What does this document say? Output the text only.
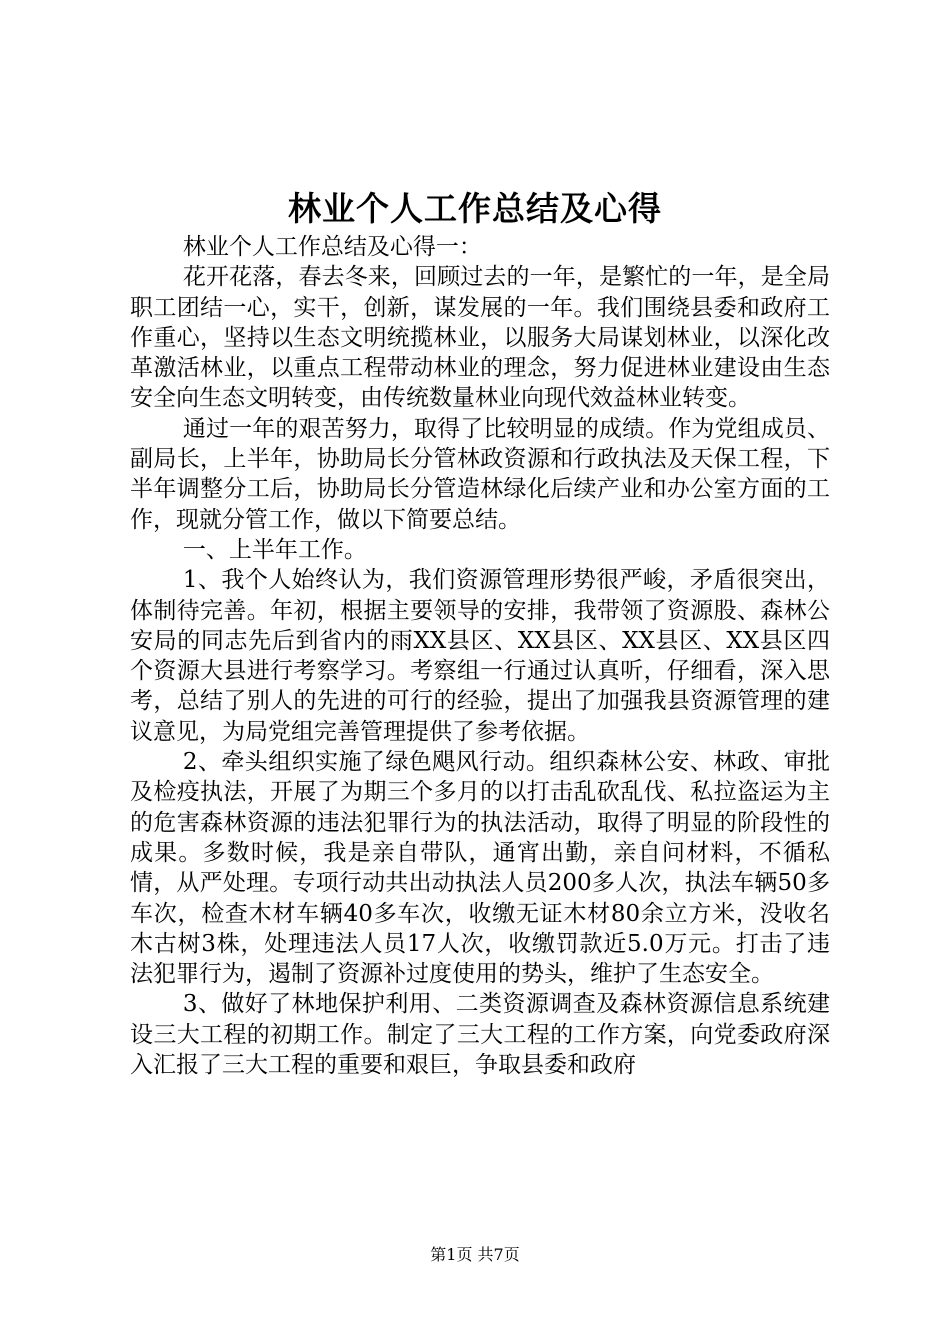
林业个人工作总结及心得

林业个人工作总结及心得一：

花开花落，春去冬来，回顾过去的一年，是繁忙的一年，是全局职工团结一心，实干，创新，谋发展的一年。我们围绕县委和政府工作重心，坚持以生态文明统揽林业，以服务大局谋划林业，以深化改革激活林业，以重点工程带动林业的理念，努力促进林业建设由生态安全向生态文明转变，由传统数量林业向现代效益林业转变。

通过一年的艰苦努力，取得了比较明显的成绩。作为党组成员、副局长，上半年，协助局长分管林政资源和行政执法及天保工程，下半年调整分工后，协助局长分管造林绿化后续产业和办公室方面的工作，现就分管工作，做以下简要总结。

一、上半年工作。

1、我个人始终认为，我们资源管理形势很严峻，矛盾很突出，体制待完善。年初，根据主要领导的安排，我带领了资源股、森林公安局的同志先后到省内的雨XX县区、XX县区、XX县区、XX县区四个资源大县进行考察学习。考察组一行通过认真听，仔细看，深入思考，总结了别人的先进的可行的经验，提出了加强我县资源管理的建议意见，为局党组完善管理提供了参考依据。

2、牵头组织实施了绿色飓风行动。组织森林公安、林政、审批及检疫执法，开展了为期三个多月的以打击乱砍乱伐、私拉盗运为主的危害森林资源的违法犯罪行为的执法活动，取得了明显的阶段性的成果。多数时候，我是亲自带队，通宵出勤，亲自问材料，不循私情，从严处理。专项行动共出动执法人员200多人次，执法车辆50多车次，检查木材车辆40多车次，收缴无证木材80余立方米，没收名木古树3株，处理违法人员17人次，收缴罚款近5.0万元。打击了违法犯罪行为，遏制了资源补过度使用的势头，维护了生态安全。

3、做好了林地保护利用、二类资源调查及森林资源信息系统建设三大工程的初期工作。制定了三大工程的工作方案，向党委政府深入汇报了三大工程的重要和艰巨，争取县委和政府

第1页 共7页
